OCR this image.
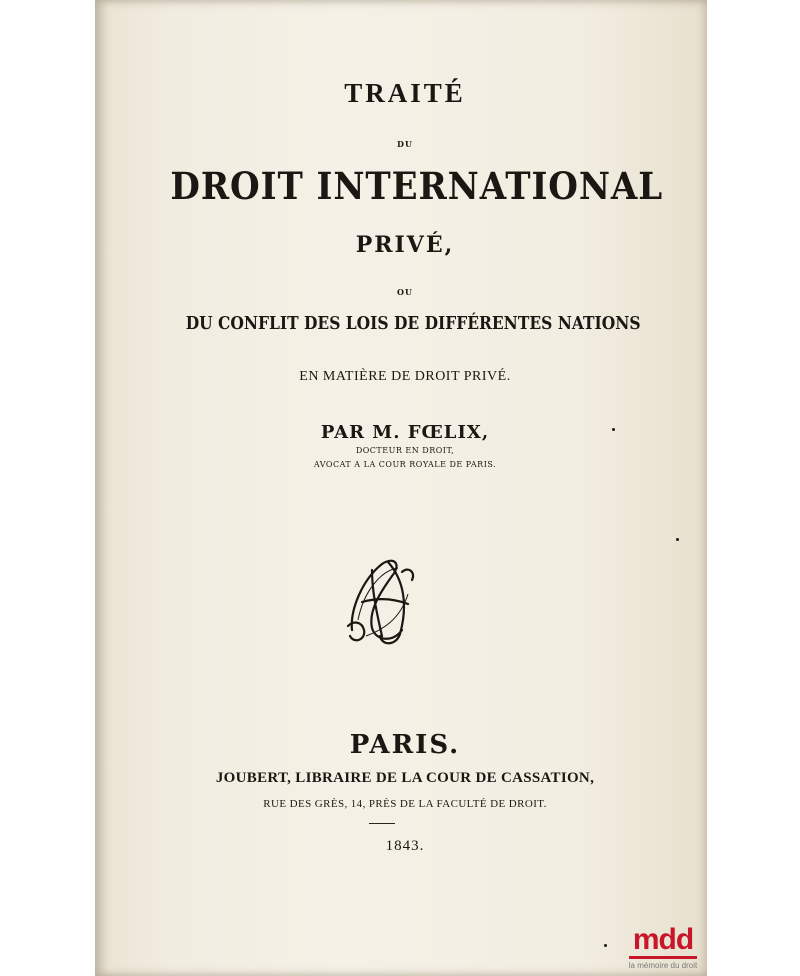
TRAITÉ
DU
DROIT INTERNATIONAL
PRIVÉ,
OU
DU CONFLIT DES LOIS DE DIFFÉRENTES NATIONS
EN MATIÈRE DE DROIT PRIVÉ.
PAR M. FŒLIX,
DOCTEUR EN DROIT,
AVOCAT A LA COUR ROYALE DE PARIS.
PARIS.
JOUBERT, LIBRAIRE DE LA COUR DE CASSATION,
RUE DES GRÈS, 14, PRÈS DE LA FACULTÉ DE DROIT.
1843.
mdd
la mémoire du droit
